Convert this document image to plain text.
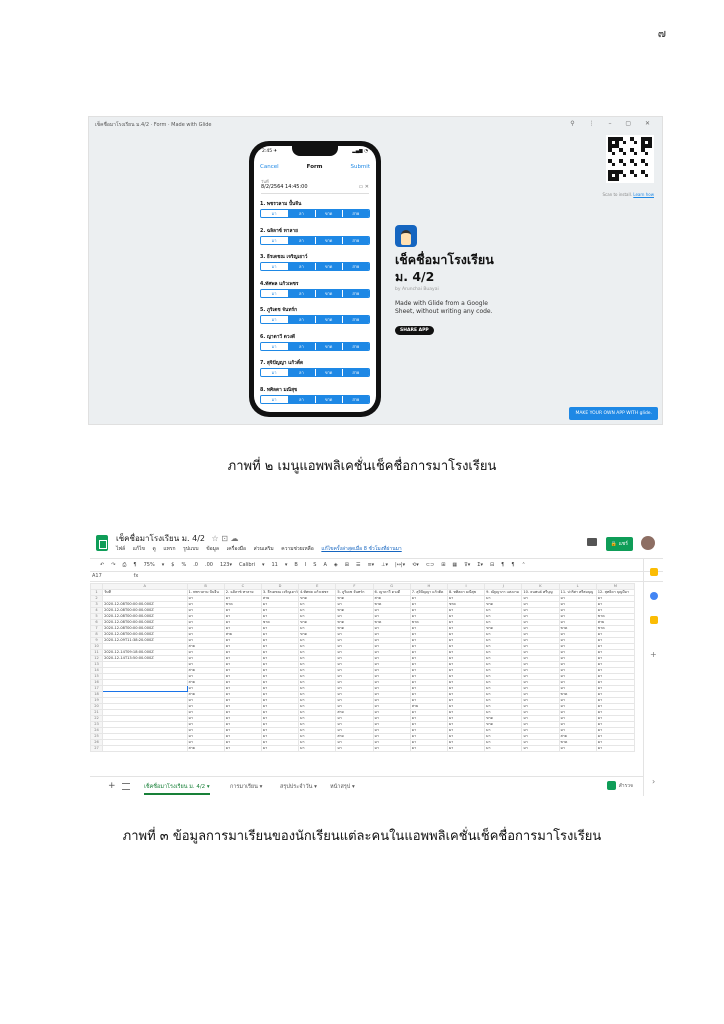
๗
เช็คชื่อมาโรงเรียน ม.4/2 · Form · Made with Glide	⚲ ⋮ – ▢ ✕
2:45 ✈	▂▄▆ ◔
Cancel	Form	Submit
วันที่
8/2/2564 14:45:00	▭ ✕
1. พชรวลาม ปั้นจีน
มา	ลา	ขาด	สาย
2. ฉลิลาซ์ ทาลาย
มา	ลา	ขาด	สาย
3. ธีรเดชณ เจริญเยาว์
มา	ลา	ขาด	สาย
4.ทัศพล แก้วเพชร
มา	ลา	ขาด	สาย
5. ภูริเดช จันทร์ก
มา	ลา	ขาด	สาย
6. ญาดาวี ดวงดี
มา	ลา	ขาด	สาย
7. สุจิปัญญา แก้วติ๋ด
มา	ลา	ขาด	สาย
8. ทศิลดา มณีสุข
มา	ลา	ขาด	สาย
เช็คชื่อมาโรงเรียน
ม. 4/2
by Arunchai Buayai
Made with Glide from a Google Sheet, without writing any code.
SHARE APP
Scan to install. Learn how
MAKE YOUR OWN APP WITH glide.
ภาพที่ ๒ เมนูแอพพลิเคชั่นเช็คชื่อการมาโรงเรียน
เช็คชื่อมาโรงเรียน ม. 4/2 ☆ ⊡ ☁
ไฟล์ แก้ไข ดู แทรก รูปแบบ ข้อมูล เครื่องมือ ส่วนเสริม ความช่วยเหลือ แก้ไขครั้งล่าสุดเมื่อ 8 ชั่วโมงที่ผ่านมา
🔒 แชร์
↶ ↷ ⎙ ¶ 75% ▾ $ % .0 .00 123▾ Calibri ▾ 11 ▾ B I S A ◈ ⊞ ☰ ≡▾ ⊥▾ |↔|▾ ⟲▾ ⊂⊃ ⊞ ▦ ⊽▾ Σ▾ ⊟ ¶ ¶ ⌃
A17	fx
	A	B	C	D	E	F	G	H	I	J	K	L	M
1	วันที่	1. พชรวลาม ปั้นจีน	2. ฉลิลาซ์ ทาลาย	3. ธีรเดชณ เจริญเยาว์	4.ทัศพล แก้วเพชร	5. ภูริเดช จันทร์ก	6. ญาดาวี ดวงดี	7. สุจิปัญญา แก้วติ๋ด	8. ทศิลดา มณีสุข	9. ณัฐญาภา แสงงาม	10. ธนพนธ์ ศรีบุญ	11. ปวริศา ศรีสมบุญ	12. สุทธิดา บุญมีมา
2		มา	มา	สาย	ขาด	ขาด	สาย	มา	มา	มา	มา	มา	มา
3	2020-12-08T00:00:00.000Z	มา	ขาด	มา	มา	มา	ขาด	มา	ขาด	ขาด	มา	มา	มา
4	2020-12-08T00:00:00.000Z	มา	มา	มา	มา	ขาด	มา	มา	มา	มา	มา	มา	มา
5	2020-12-08T00:00:00.000Z	มา	มา	มา	มา	มา	มา	มา	มา	มา	มา	มา	ขาด
6	2020-12-08T00:00:00.000Z	มา	มา	ขาด	ขาด	ขาด	ขาด	ขาด	มา	มา	มา	มา	สาย
7	2020-12-08T00:00:00.000Z	มา	มา	มา	มา	ขาด	มา	มา	มา	ขาด	มา	ขาด	ขาด
8	2020-12-08T00:00:00.000Z	มา	สาย	มา	ขาด	มา	มา	มา	มา	มา	มา	มา	มา
9	2020-12-09T11:38:20.000Z	มา	มา	มา	มา	มา	มา	มา	มา	มา	มา	มา	มา
10		สาย	มา	มา	มา	มา	มา	มา	มา	มา	มา	มา	มา
11	2020-12-14T09:18:00.000Z	มา	มา	มา	มา	มา	มา	มา	มา	มา	มา	มา	มา
12	2020-12-14T13:50:00.000Z	มา	มา	มา	มา	มา	มา	มา	มา	มา	มา	มา	มา
13		มา	มา	มา	มา	มา	มา	มา	มา	มา	มา	มา	มา
14		สาย	มา	มา	มา	มา	มา	มา	มา	มา	มา	มา	มา
15		มา	มา	มา	มา	มา	มา	มา	มา	มา	มา	มา	มา
16		สาย	มา	มา	มา	มา	มา	มา	มา	มา	มา	มา	มา
17		มา	มา	มา	มา	มา	มา	มา	มา	มา	มา	มา	มา
18		สาย	มา	มา	มา	มา	มา	มา	มา	มา	มา	ขาด	มา
19		มา	มา	มา	มา	มา	มา	มา	มา	มา	มา	มา	มา
20		มา	มา	มา	มา	มา	มา	สาย	มา	มา	มา	มา	มา
21		มา	มา	มา	มา	สาย	มา	มา	มา	มา	มา	มา	มา
22		มา	มา	มา	มา	มา	มา	มา	มา	ขาด	มา	มา	มา
23		มา	มา	มา	มา	มา	มา	มา	มา	ขาด	มา	มา	มา
24		มา	มา	มา	มา	มา	มา	มา	มา	มา	มา	มา	มา
25		มา	มา	มา	มา	สาย	มา	มา	มา	มา	มา	สาย	มา
26		มา	มา	มา	มา	มา	มา	มา	มา	มา	มา	ขาด	มา
27		สาย	มา	มา	มา	มา	มา	มา	มา	มา	มา	มา	มา
+
›
+	เช็คชื่อมาโรงเรียน ม. 4/2 ▾	การมาเรียน ▾	สรุปประจำวัน ▾ หน้าสรุป ▾	สำรวจ
ภาพที่ ๓ ข้อมูลการมาเรียนของนักเรียนแต่ละคนในแอพพลิเคชั่นเช็คชื่อการมาโรงเรียน
